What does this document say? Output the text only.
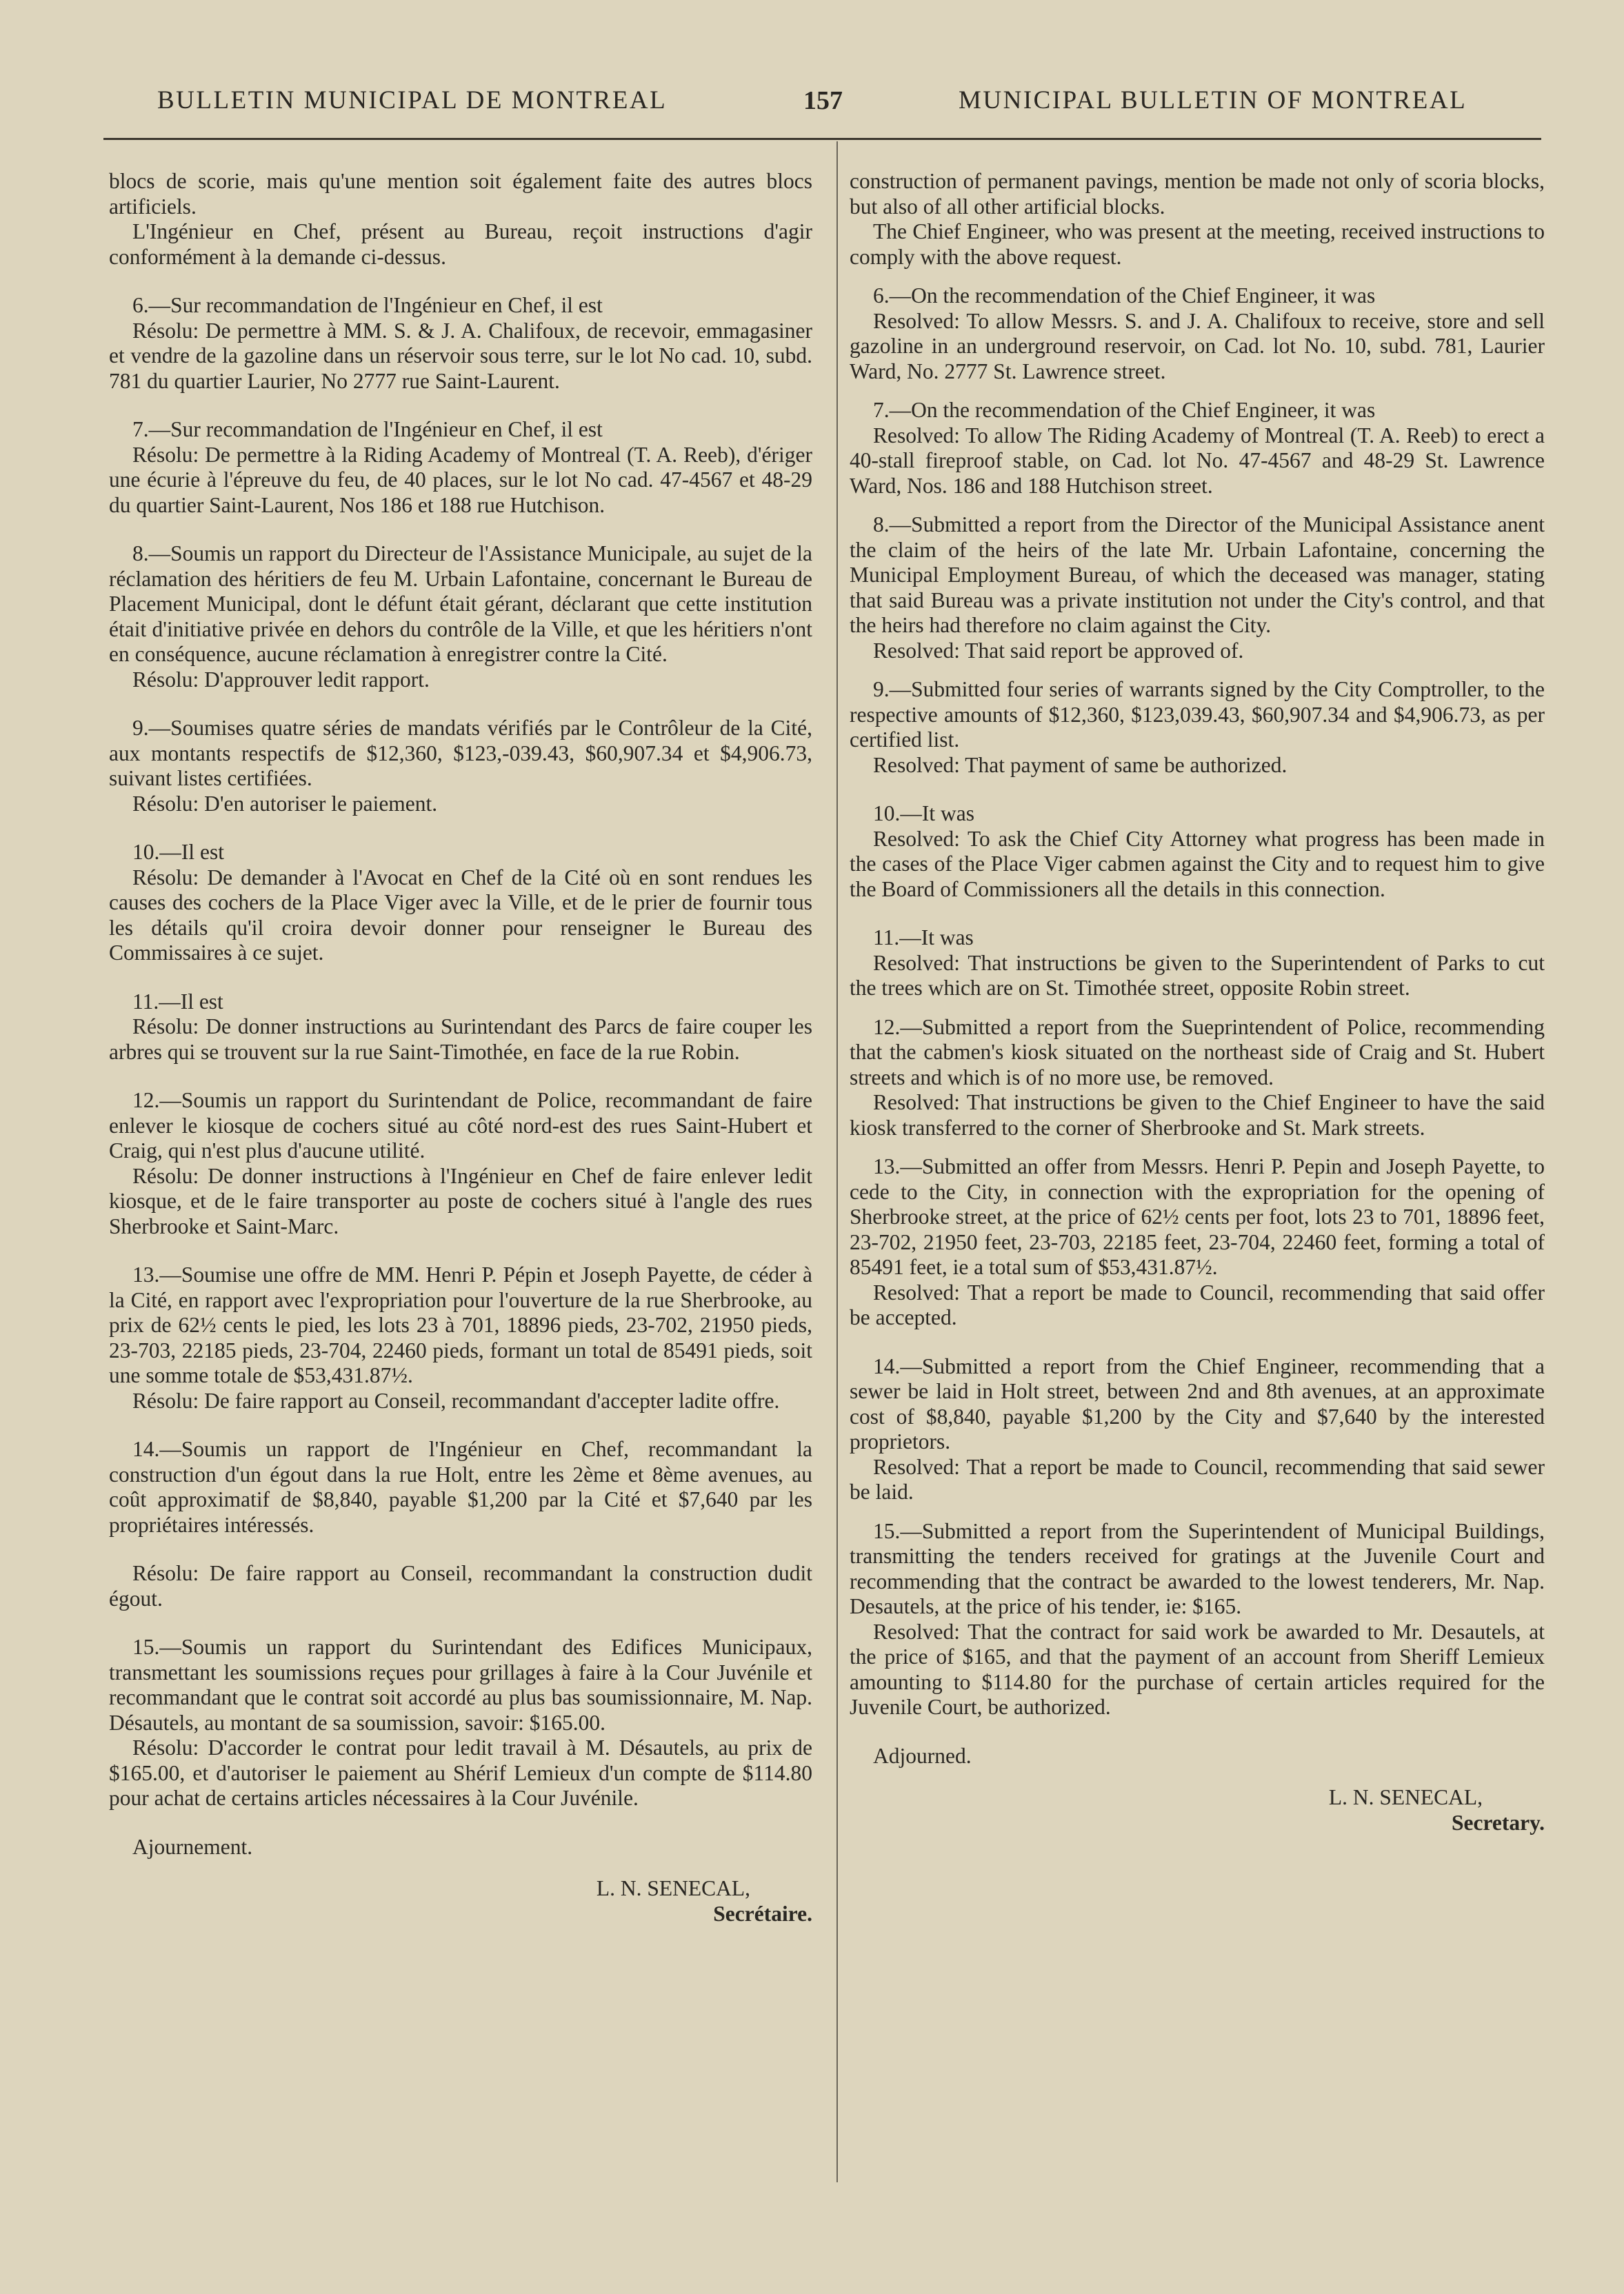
BULLETIN MUNICIPAL DE MONTREAL	157	MUNICIPAL BULLETIN OF MONTREAL

blocs de scorie, mais qu'une mention soit également faite des autres blocs artificiels.

L'Ingénieur en Chef, présent au Bureau, reçoit instructions d'agir conformément à la demande ci-dessus.

6.—Sur recommandation de l'Ingénieur en Chef, il est

Résolu: De permettre à MM. S. & J. A. Chalifoux, de recevoir, emmagasiner et vendre de la gazoline dans un réservoir sous terre, sur le lot No cad. 10, subd. 781 du quartier Laurier, No 2777 rue Saint-Laurent.

7.—Sur recommandation de l'Ingénieur en Chef, il est

Résolu: De permettre à la Riding Academy of Montreal (T. A. Reeb), d'ériger une écurie à l'épreuve du feu, de 40 places, sur le lot No cad. 47-4567 et 48-29 du quartier Saint-Laurent, Nos 186 et 188 rue Hutchison.

8.—Soumis un rapport du Directeur de l'Assistance Municipale, au sujet de la réclamation des héritiers de feu M. Urbain Lafontaine, concernant le Bureau de Placement Municipal, dont le défunt était gérant, déclarant que cette institution était d'initiative privée en dehors du contrôle de la Ville, et que les héritiers n'ont en conséquence, aucune réclamation à enregistrer contre la Cité.

Résolu: D'approuver ledit rapport.

9.—Soumises quatre séries de mandats vérifiés par le Contrôleur de la Cité, aux montants respectifs de $12,360, $123,-039.43, $60,907.34 et $4,906.73, suivant listes certifiées.

Résolu: D'en autoriser le paiement.

10.—Il est

Résolu: De demander à l'Avocat en Chef de la Cité où en sont rendues les causes des cochers de la Place Viger avec la Ville, et de le prier de fournir tous les détails qu'il croira devoir donner pour renseigner le Bureau des Commissaires à ce sujet.

11.—Il est

Résolu: De donner instructions au Surintendant des Parcs de faire couper les arbres qui se trouvent sur la rue Saint-Timothée, en face de la rue Robin.

12.—Soumis un rapport du Surintendant de Police, recommandant de faire enlever le kiosque de cochers situé au côté nord-est des rues Saint-Hubert et Craig, qui n'est plus d'aucune utilité.

Résolu: De donner instructions à l'Ingénieur en Chef de faire enlever ledit kiosque, et de le faire transporter au poste de cochers situé à l'angle des rues Sherbrooke et Saint-Marc.

13.—Soumise une offre de MM. Henri P. Pépin et Joseph Payette, de céder à la Cité, en rapport avec l'expropriation pour l'ouverture de la rue Sherbrooke, au prix de 62½ cents le pied, les lots 23 à 701, 18896 pieds, 23-702, 21950 pieds, 23-703, 22185 pieds, 23-704, 22460 pieds, formant un total de 85491 pieds, soit une somme totale de $53,431.87½.

Résolu: De faire rapport au Conseil, recommandant d'accepter ladite offre.

14.—Soumis un rapport de l'Ingénieur en Chef, recommandant la construction d'un égout dans la rue Holt, entre les 2ème et 8ème avenues, au coût approximatif de $8,840, payable $1,200 par la Cité et $7,640 par les propriétaires intéressés.

Résolu: De faire rapport au Conseil, recommandant la construction dudit égout.

15.—Soumis un rapport du Surintendant des Edifices Municipaux, transmettant les soumissions reçues pour grillages à faire à la Cour Juvénile et recommandant que le contrat soit accordé au plus bas soumissionnaire, M. Nap. Désautels, au montant de sa soumission, savoir: $165.00.

Résolu: D'accorder le contrat pour ledit travail à M. Désautels, au prix de $165.00, et d'autoriser le paiement au Shérif Lemieux d'un compte de $114.80 pour achat de certains articles nécessaires à la Cour Juvénile.

Ajournement.

L. N. SENECAL,

Secrétaire.

construction of permanent pavings, mention be made not only of scoria blocks, but also of all other artificial blocks.

The Chief Engineer, who was present at the meeting, received instructions to comply with the above request.

6.—On the recommendation of the Chief Engineer, it was

Resolved: To allow Messrs. S. and J. A. Chalifoux to receive, store and sell gazoline in an underground reservoir, on Cad. lot No. 10, subd. 781, Laurier Ward, No. 2777 St. Lawrence street.

7.—On the recommendation of the Chief Engineer, it was

Resolved: To allow The Riding Academy of Montreal (T. A. Reeb) to erect a 40-stall fireproof stable, on Cad. lot No. 47-4567 and 48-29 St. Lawrence Ward, Nos. 186 and 188 Hutchison street.

8.—Submitted a report from the Director of the Municipal Assistance anent the claim of the heirs of the late Mr. Urbain Lafontaine, concerning the Municipal Employment Bureau, of which the deceased was manager, stating that said Bureau was a private institution not under the City's control, and that the heirs had therefore no claim against the City.

Resolved: That said report be approved of.

9.—Submitted four series of warrants signed by the City Comptroller, to the respective amounts of $12,360, $123,039.43, $60,907.34 and $4,906.73, as per certified list.

Resolved: That payment of same be authorized.

10.—It was

Resolved: To ask the Chief City Attorney what progress has been made in the cases of the Place Viger cabmen against the City and to request him to give the Board of Commissioners all the details in this connection.

11.—It was

Resolved: That instructions be given to the Superintendent of Parks to cut the trees which are on St. Timothée street, opposite Robin street.

12.—Submitted a report from the Sueprintendent of Police, recommending that the cabmen's kiosk situated on the northeast side of Craig and St. Hubert streets and which is of no more use, be removed.

Resolved: That instructions be given to the Chief Engineer to have the said kiosk transferred to the corner of Sherbrooke and St. Mark streets.

13.—Submitted an offer from Messrs. Henri P. Pepin and Joseph Payette, to cede to the City, in connection with the expropriation for the opening of Sherbrooke street, at the price of 62½ cents per foot, lots 23 to 701, 18896 feet, 23-702, 21950 feet, 23-703, 22185 feet, 23-704, 22460 feet, forming a total of 85491 feet, ie a total sum of $53,431.87½.

Resolved: That a report be made to Council, recommending that said offer be accepted.

14.—Submitted a report from the Chief Engineer, recommending that a sewer be laid in Holt street, between 2nd and 8th avenues, at an approximate cost of $8,840, payable $1,200 by the City and $7,640 by the interested proprietors.

Resolved: That a report be made to Council, recommending that said sewer be laid.

15.—Submitted a report from the Superintendent of Municipal Buildings, transmitting the tenders received for gratings at the Juvenile Court and recommending that the contract be awarded to the lowest tenderers, Mr. Nap. Desautels, at the price of his tender, ie: $165.

Resolved: That the contract for said work be awarded to Mr. Desautels, at the price of $165, and that the payment of an account from Sheriff Lemieux amounting to $114.80 for the purchase of certain articles required for the Juvenile Court, be authorized.

Adjourned.

L. N. SENECAL,

Secretary.
